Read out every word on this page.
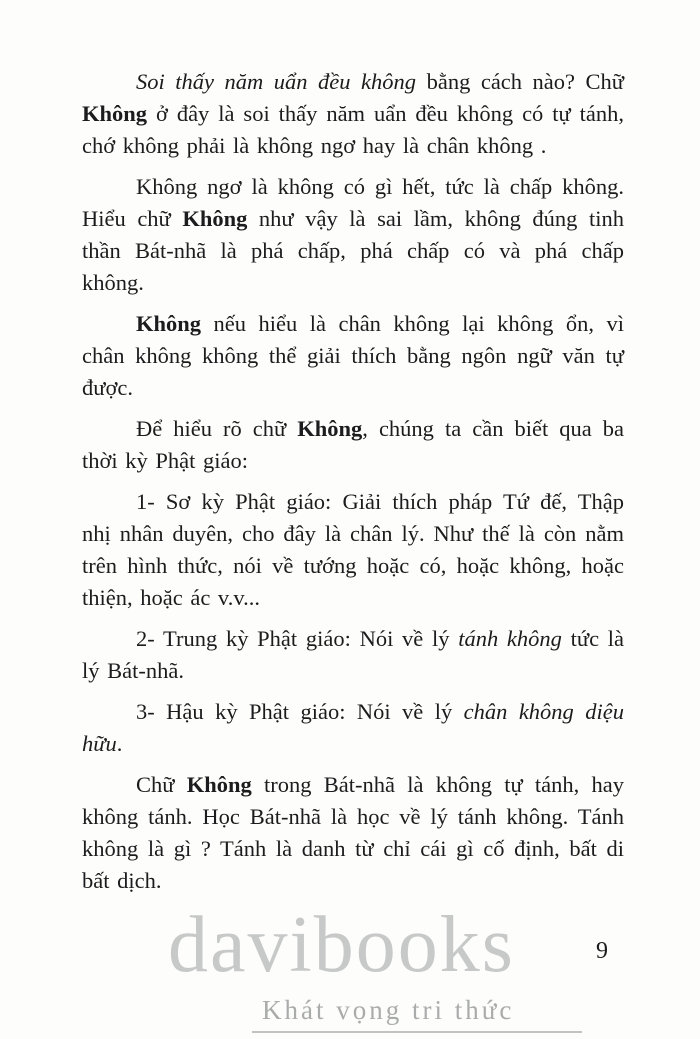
Soi thấy năm uẩn đều không bằng cách nào? Chữ Không ở đây là soi thấy năm uẩn đều không có tự tánh, chớ không phải là không ngơ hay là chân không .

Không ngơ là không có gì hết, tức là chấp không. Hiểu chữ Không như vậy là sai lầm, không đúng tinh thần Bát-nhã là phá chấp, phá chấp có và phá chấp không.

Không nếu hiểu là chân không lại không ổn, vì chân không không thể giải thích bằng ngôn ngữ văn tự được.

Để hiểu rõ chữ Không, chúng ta cần biết qua ba thời kỳ Phật giáo:

1- Sơ kỳ Phật giáo: Giải thích pháp Tứ đế, Thập nhị nhân duyên, cho đây là chân lý. Như thế là còn nằm trên hình thức, nói về tướng hoặc có, hoặc không, hoặc thiện, hoặc ác v.v...

2- Trung kỳ Phật giáo: Nói về lý tánh không tức là lý Bát-nhã.

3- Hậu kỳ Phật giáo: Nói về lý chân không diệu hữu.

Chữ Không trong Bát-nhã là không tự tánh, hay không tánh. Học Bát-nhã là học về lý tánh không. Tánh không là gì ? Tánh là danh từ chỉ cái gì cố định, bất di bất dịch.

davibooks
Khát vọng tri thức
9
